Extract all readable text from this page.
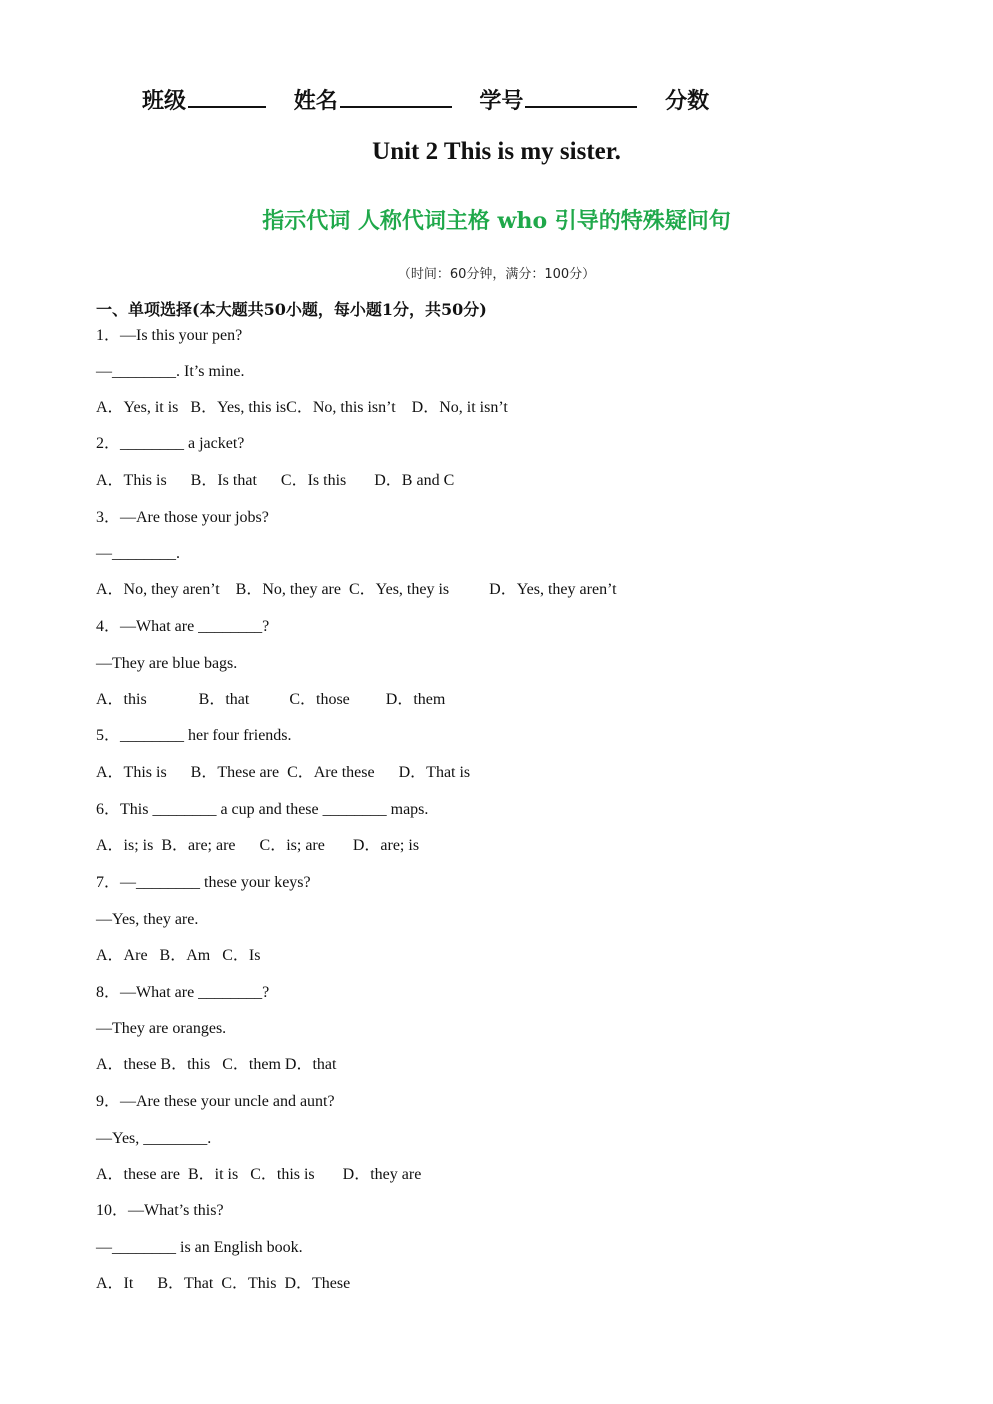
班级	姓名	学号	分数
Unit 2 This is my sister.
指示代词 人称代词主格 who 引导的特殊疑问句
（时间：60分钟，满分：100分）
一、单项选择(本大题共50小题，每小题1分，共50分)
1．—Is this your pen?
—________. It’s mine.
A．Yes, it is   B．Yes, this isC．No, this isn’t    D．No, it isn’t
2．________ a jacket?
A．This is      B．Is that      C．Is this       D．B and C
3．—Are those your jobs?
—________.
A．No, they aren’t    B．No, they are  C．Yes, they is          D．Yes, they aren’t
4．—What are ________?
—They are blue bags.
A．this             B．that          C．those         D．them
5．________ her four friends.
A．This is      B．These are  C．Are these      D．That is
6．This ________ a cup and these ________ maps.
A．is; is  B．are; are      C．is; are       D．are; is
7．—________ these your keys?
—Yes, they are.
A．Are   B．Am   C．Is
8．—What are ________?
—They are oranges.
A．these B．this   C．them D．that
9．—Are these your uncle and aunt?
—Yes, ________.
A．these are  B．it is   C．this is       D．they are
10．—What’s this?
—________ is an English book.
A．It      B．That  C．This  D．These
